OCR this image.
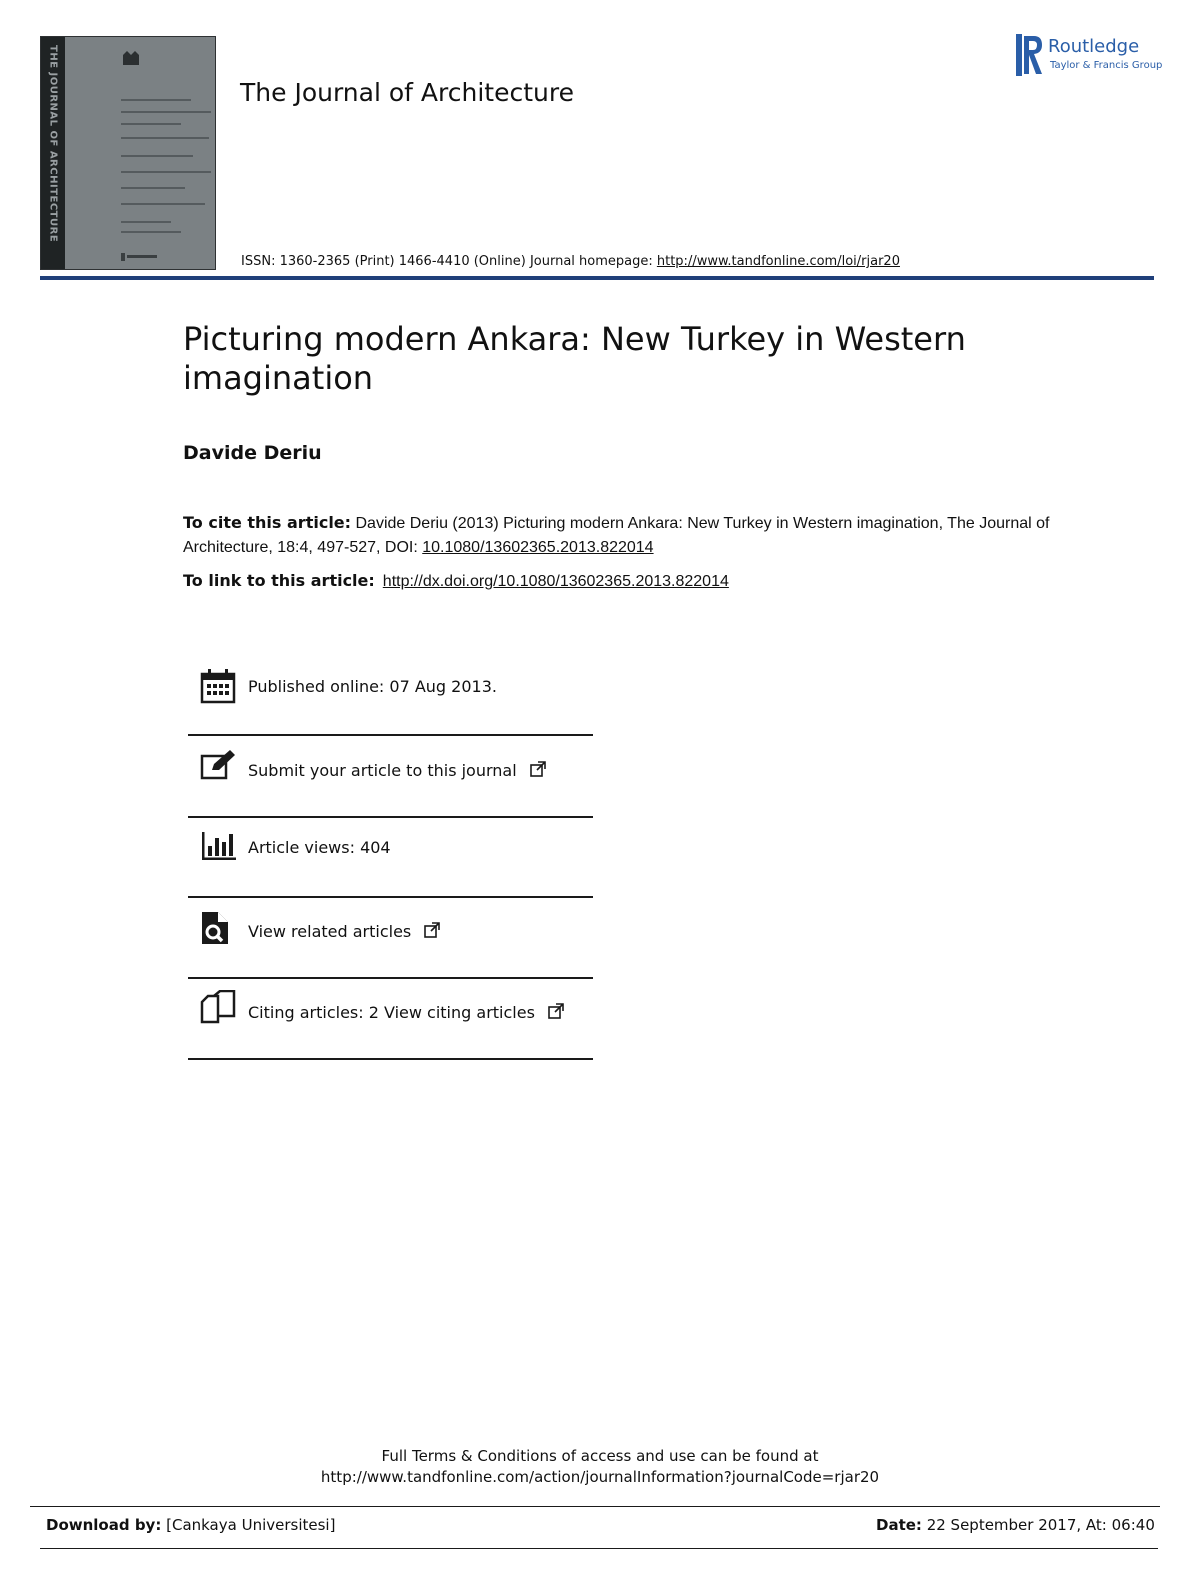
THE JOURNAL OF ARCHITECTURE	The Journal of Architecture
ISSN: 1360-2365 (Print) 1466-4410 (Online) Journal homepage: http://www.tandfonline.com/loi/rjar20
Routledge
Taylor & Francis Group
Picturing modern Ankara: New Turkey in Western imagination
Davide Deriu
To cite this article: Davide Deriu (2013) Picturing modern Ankara: New Turkey in Western imagination, The Journal of Architecture, 18:4, 497-527, DOI: 10.1080/13602365.2013.822014
To link to this article: http://dx.doi.org/10.1080/13602365.2013.822014
Published online: 07 Aug 2013.
Submit your article to this journal
Article views: 404
View related articles
Citing articles: 2 View citing articles
Full Terms & Conditions of access and use can be found at
http://www.tandfonline.com/action/journalInformation?journalCode=rjar20
Download by: [Cankaya Universitesi]	Date: 22 September 2017, At: 06:40
